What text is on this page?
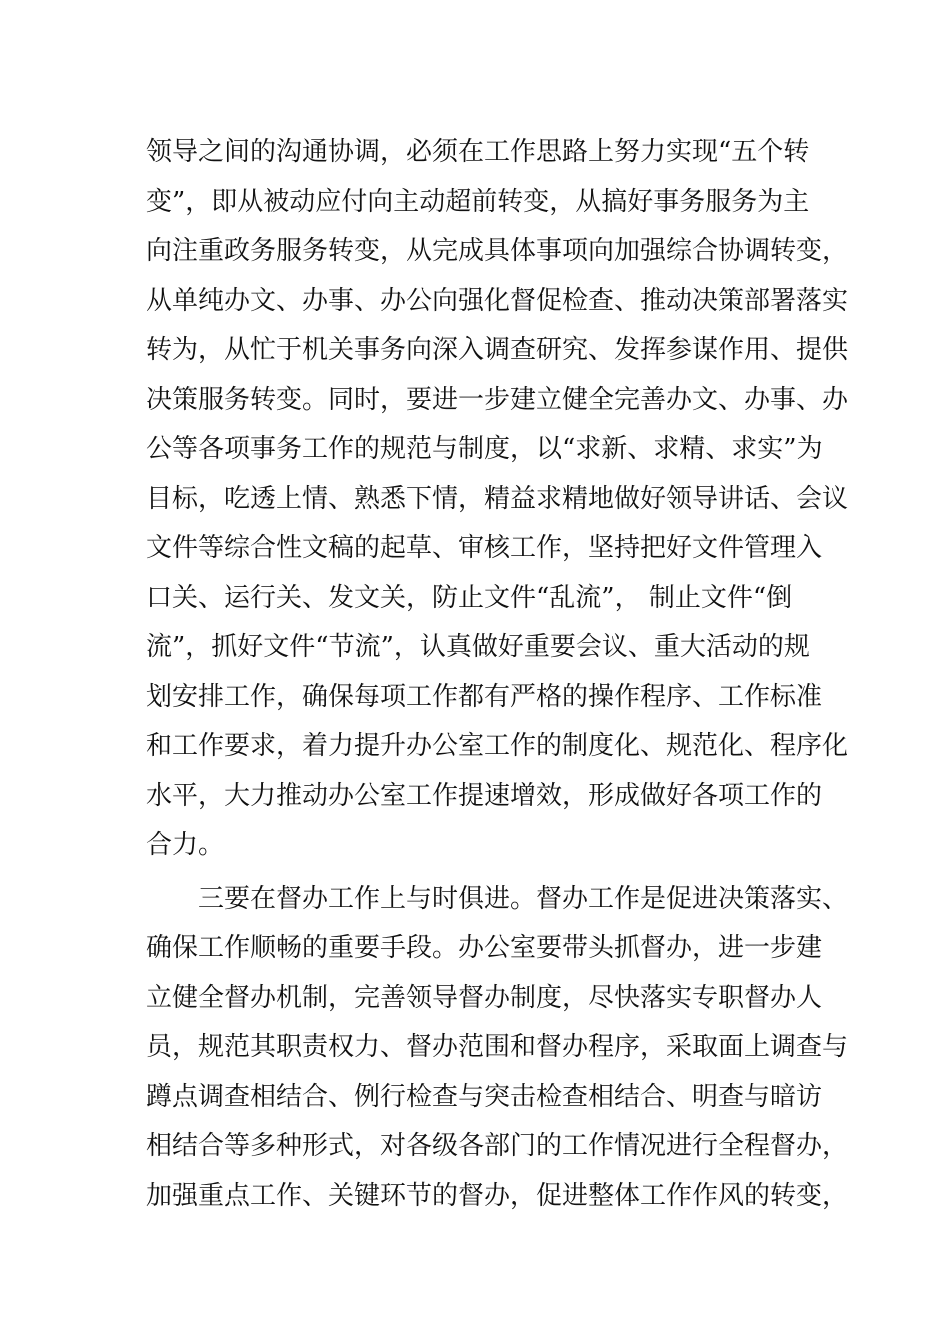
领导之间的沟通协调，必须在工作思路上努力实现“五个转
变”，即从被动应付向主动超前转变，从搞好事务服务为主
向注重政务服务转变，从完成具体事项向加强综合协调转变，
从单纯办文、办事、办公向强化督促检查、推动决策部署落实
转为，从忙于机关事务向深入调查研究、发挥参谋作用、提供
决策服务转变。同时，要进一步建立健全完善办文、办事、办
公等各项事务工作的规范与制度，以“求新、求精、求实”为
目标，吃透上情、熟悉下情，精益求精地做好领导讲话、会议
文件等综合性文稿的起草、审核工作，坚持把好文件管理入
口关、运行关、发文关，防止文件“乱流”， 制止文件“倒
流”，抓好文件“节流”，认真做好重要会议、重大活动的规
划安排工作，确保每项工作都有严格的操作程序、工作标准
和工作要求，着力提升办公室工作的制度化、规范化、程序化
水平，大力推动办公室工作提速增效，形成做好各项工作的
合力。
三要在督办工作上与时俱进。督办工作是促进决策落实、
确保工作顺畅的重要手段。办公室要带头抓督办，进一步建
立健全督办机制，完善领导督办制度，尽快落实专职督办人
员，规范其职责权力、督办范围和督办程序，采取面上调查与
蹲点调查相结合、例行检查与突击检查相结合、明查与暗访
相结合等多种形式，对各级各部门的工作情况进行全程督办，
加强重点工作、关键环节的督办，促进整体工作作风的转变，
